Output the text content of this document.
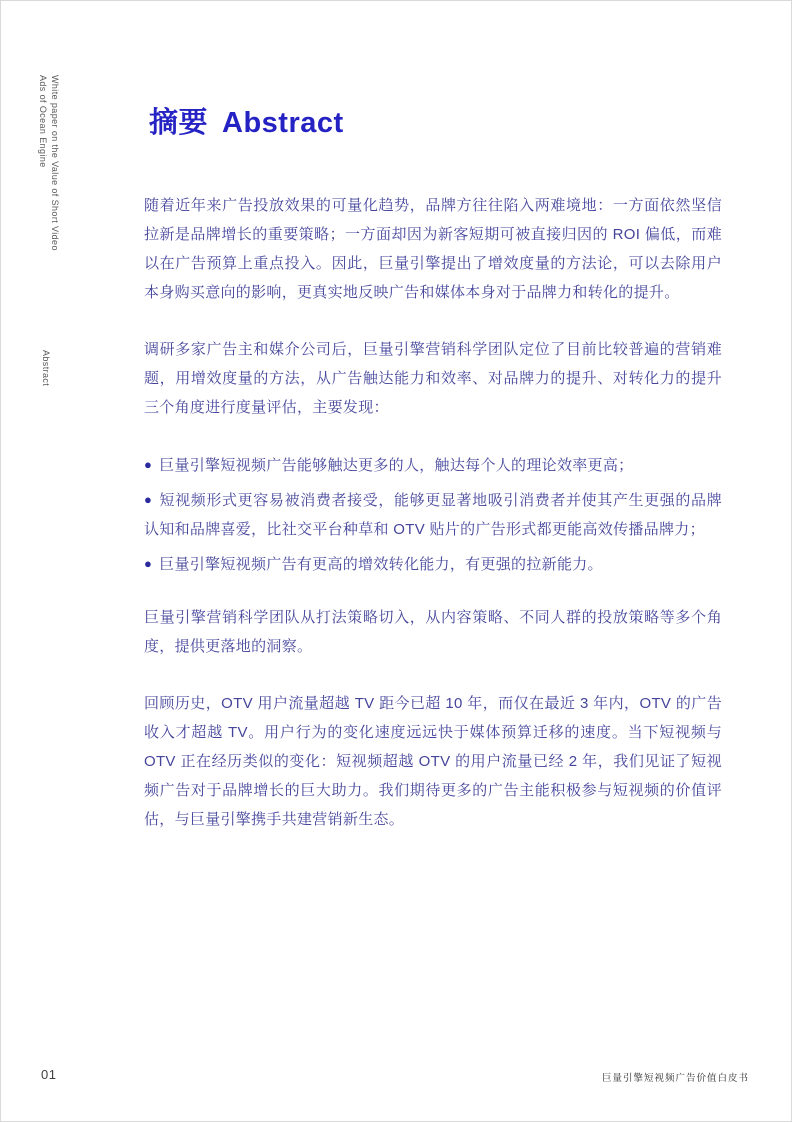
White paper on the Value of Short Video
Ads of Ocean Engine
Abstract
摘要 Abstract

随着近年来广告投放效果的可量化趋势，品牌方往往陷入两难境地：一方面依然坚信拉新是品牌增长的重要策略；一方面却因为新客短期可被直接归因的 ROI 偏低，而难以在广告预算上重点投入。因此，巨量引擎提出了增效度量的方法论，可以去除用户本身购买意向的影响，更真实地反映广告和媒体本身对于品牌力和转化的提升。

调研多家广告主和媒介公司后，巨量引擎营销科学团队定位了目前比较普遍的营销难题，用增效度量的方法，从广告触达能力和效率、对品牌力的提升、对转化力的提升三个角度进行度量评估，主要发现：

● 巨量引擎短视频广告能够触达更多的人，触达每个人的理论效率更高；

● 短视频形式更容易被消费者接受，能够更显著地吸引消费者并使其产生更强的品牌认知和品牌喜爱，比社交平台种草和 OTV 贴片的广告形式都更能高效传播品牌力；

● 巨量引擎短视频广告有更高的增效转化能力，有更强的拉新能力。

巨量引擎营销科学团队从打法策略切入，从内容策略、不同人群的投放策略等多个角度，提供更落地的洞察。

回顾历史，OTV 用户流量超越 TV 距今已超 10 年，而仅在最近 3 年内，OTV 的广告收入才超越 TV。用户行为的变化速度远远快于媒体预算迁移的速度。当下短视频与 OTV 正在经历类似的变化：短视频超越 OTV 的用户流量已经 2 年，我们见证了短视频广告对于品牌增长的巨大助力。我们期待更多的广告主能积极参与短视频的价值评估，与巨量引擎携手共建营销新生态。

01	巨量引擎短视频广告价值白皮书
